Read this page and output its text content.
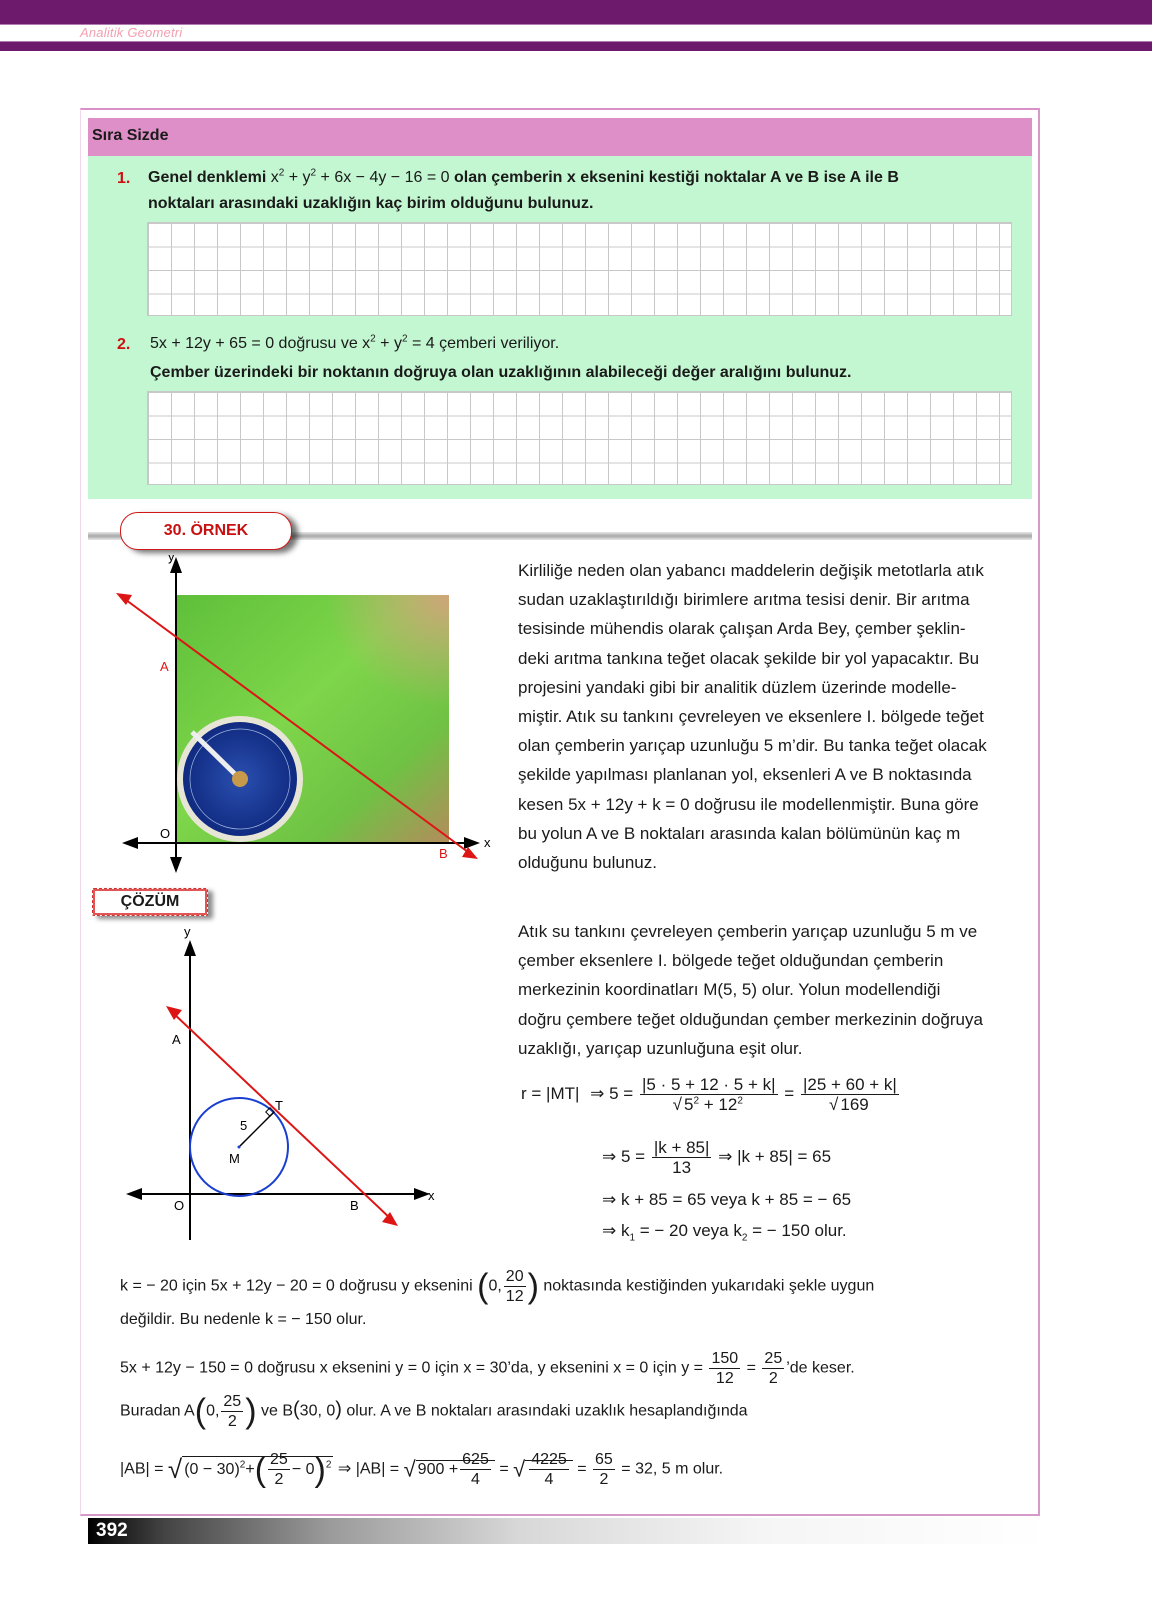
Analitik Geometri
Sıra Sizde
1. Genel denklemi $x^2 + y^2 + 6x - 4y - 16 = 0$ olan çemberin x eksenini kestiği noktalar A ve B ise A ile B
noktaları arasındaki uzaklığın kaç birim olduğunu bulunuz.
2. 5x + 12y + 65 = 0 doğrusu ve $x^2 + y^2 = 4$ çemberi veriliyor.
Çember üzerindeki bir noktanın doğruya olan uzaklığının alabileceği değer aralığını bulunuz.
30. ÖRNEK
y
x
O
A
B
Kirliliğe neden olan yabancı maddelerin değişik metotlarla atık
sudan uzaklaştırıldığı birimlere arıtma tesisi denir. Bir arıtma
tesisinde mühendis olarak çalışan Arda Bey, çember şeklin-
deki arıtma tankına teğet olacak şekilde bir yol yapacaktır. Bu
projesini yandaki gibi bir analitik düzlem üzerinde modelle-
miştir. Atık su tankını çevreleyen ve eksenlere I. bölgede teğet
olan çemberin yarıçap uzunluğu 5 m’dir. Bu tanka teğet olacak
şekilde yapılması planlanan yol, eksenleri A ve B noktasında
kesen 5x + 12y + k = 0 doğrusu ile modellenmiştir. Buna göre
bu yolun A ve B noktaları arasında kalan bölümünün kaç m
olduğunu bulunuz.
ÇÖZÜM
y
x
O
A
B
T
M
5
Atık su tankını çevreleyen çemberin yarıçap uzunluğu 5 m ve
çember eksenlere I. bölgede teğet olduğundan çemberin
merkezinin koordinatları M(5, 5) olur. Yolun modellendiği
doğru çembere teğet olduğundan çember merkezinin doğruya
uzaklığı, yarıçap uzunluğuna eşit olur.
r = |MT| ⇒ $5 = \frac{|5 \cdot 5 + 12 \cdot 5 + k|}{√ 5^2 + 12^2} = \frac{|25 + 60 + k|}{√ 169}$
⇒ $5 = \frac{|k + 85|}{13}$ ⇒ |k + 85| = 65
⇒ k + 85 = 65 veya k + 85 = − 65
⇒ $k_1$ = − 20 veya $k_2$ = − 150 olur.
k = − 20 için 5x + 12y − 20 = 0 doğrusu y eksenini (0, $\frac{20}{12}$ ) noktasında kestiğinden yukarıdaki şekle uygun
değildir. Bu nedenle k = − 150 olur.
5x + 12y − 150 = 0 doğrusu x eksenini y = 0 için x = 30’da, y eksenini x = 0 için $y = \frac{150}{12} = \frac{25}{2}$ ’de keser.
Buradan A(0, $\frac{25}{2}$ ) ve B(30, 0) olur. A ve B noktaları arasındaki uzaklık hesaplandığında
|AB| = √ $(0 - 30)^2+( \frac{25}{2} - 0)^2$ ⇒ |AB| = √ $900 + \frac{625}{4}$ = √ $\frac{4225}{4} = \frac{65}{2} = 32$, 5 m olur.
392
